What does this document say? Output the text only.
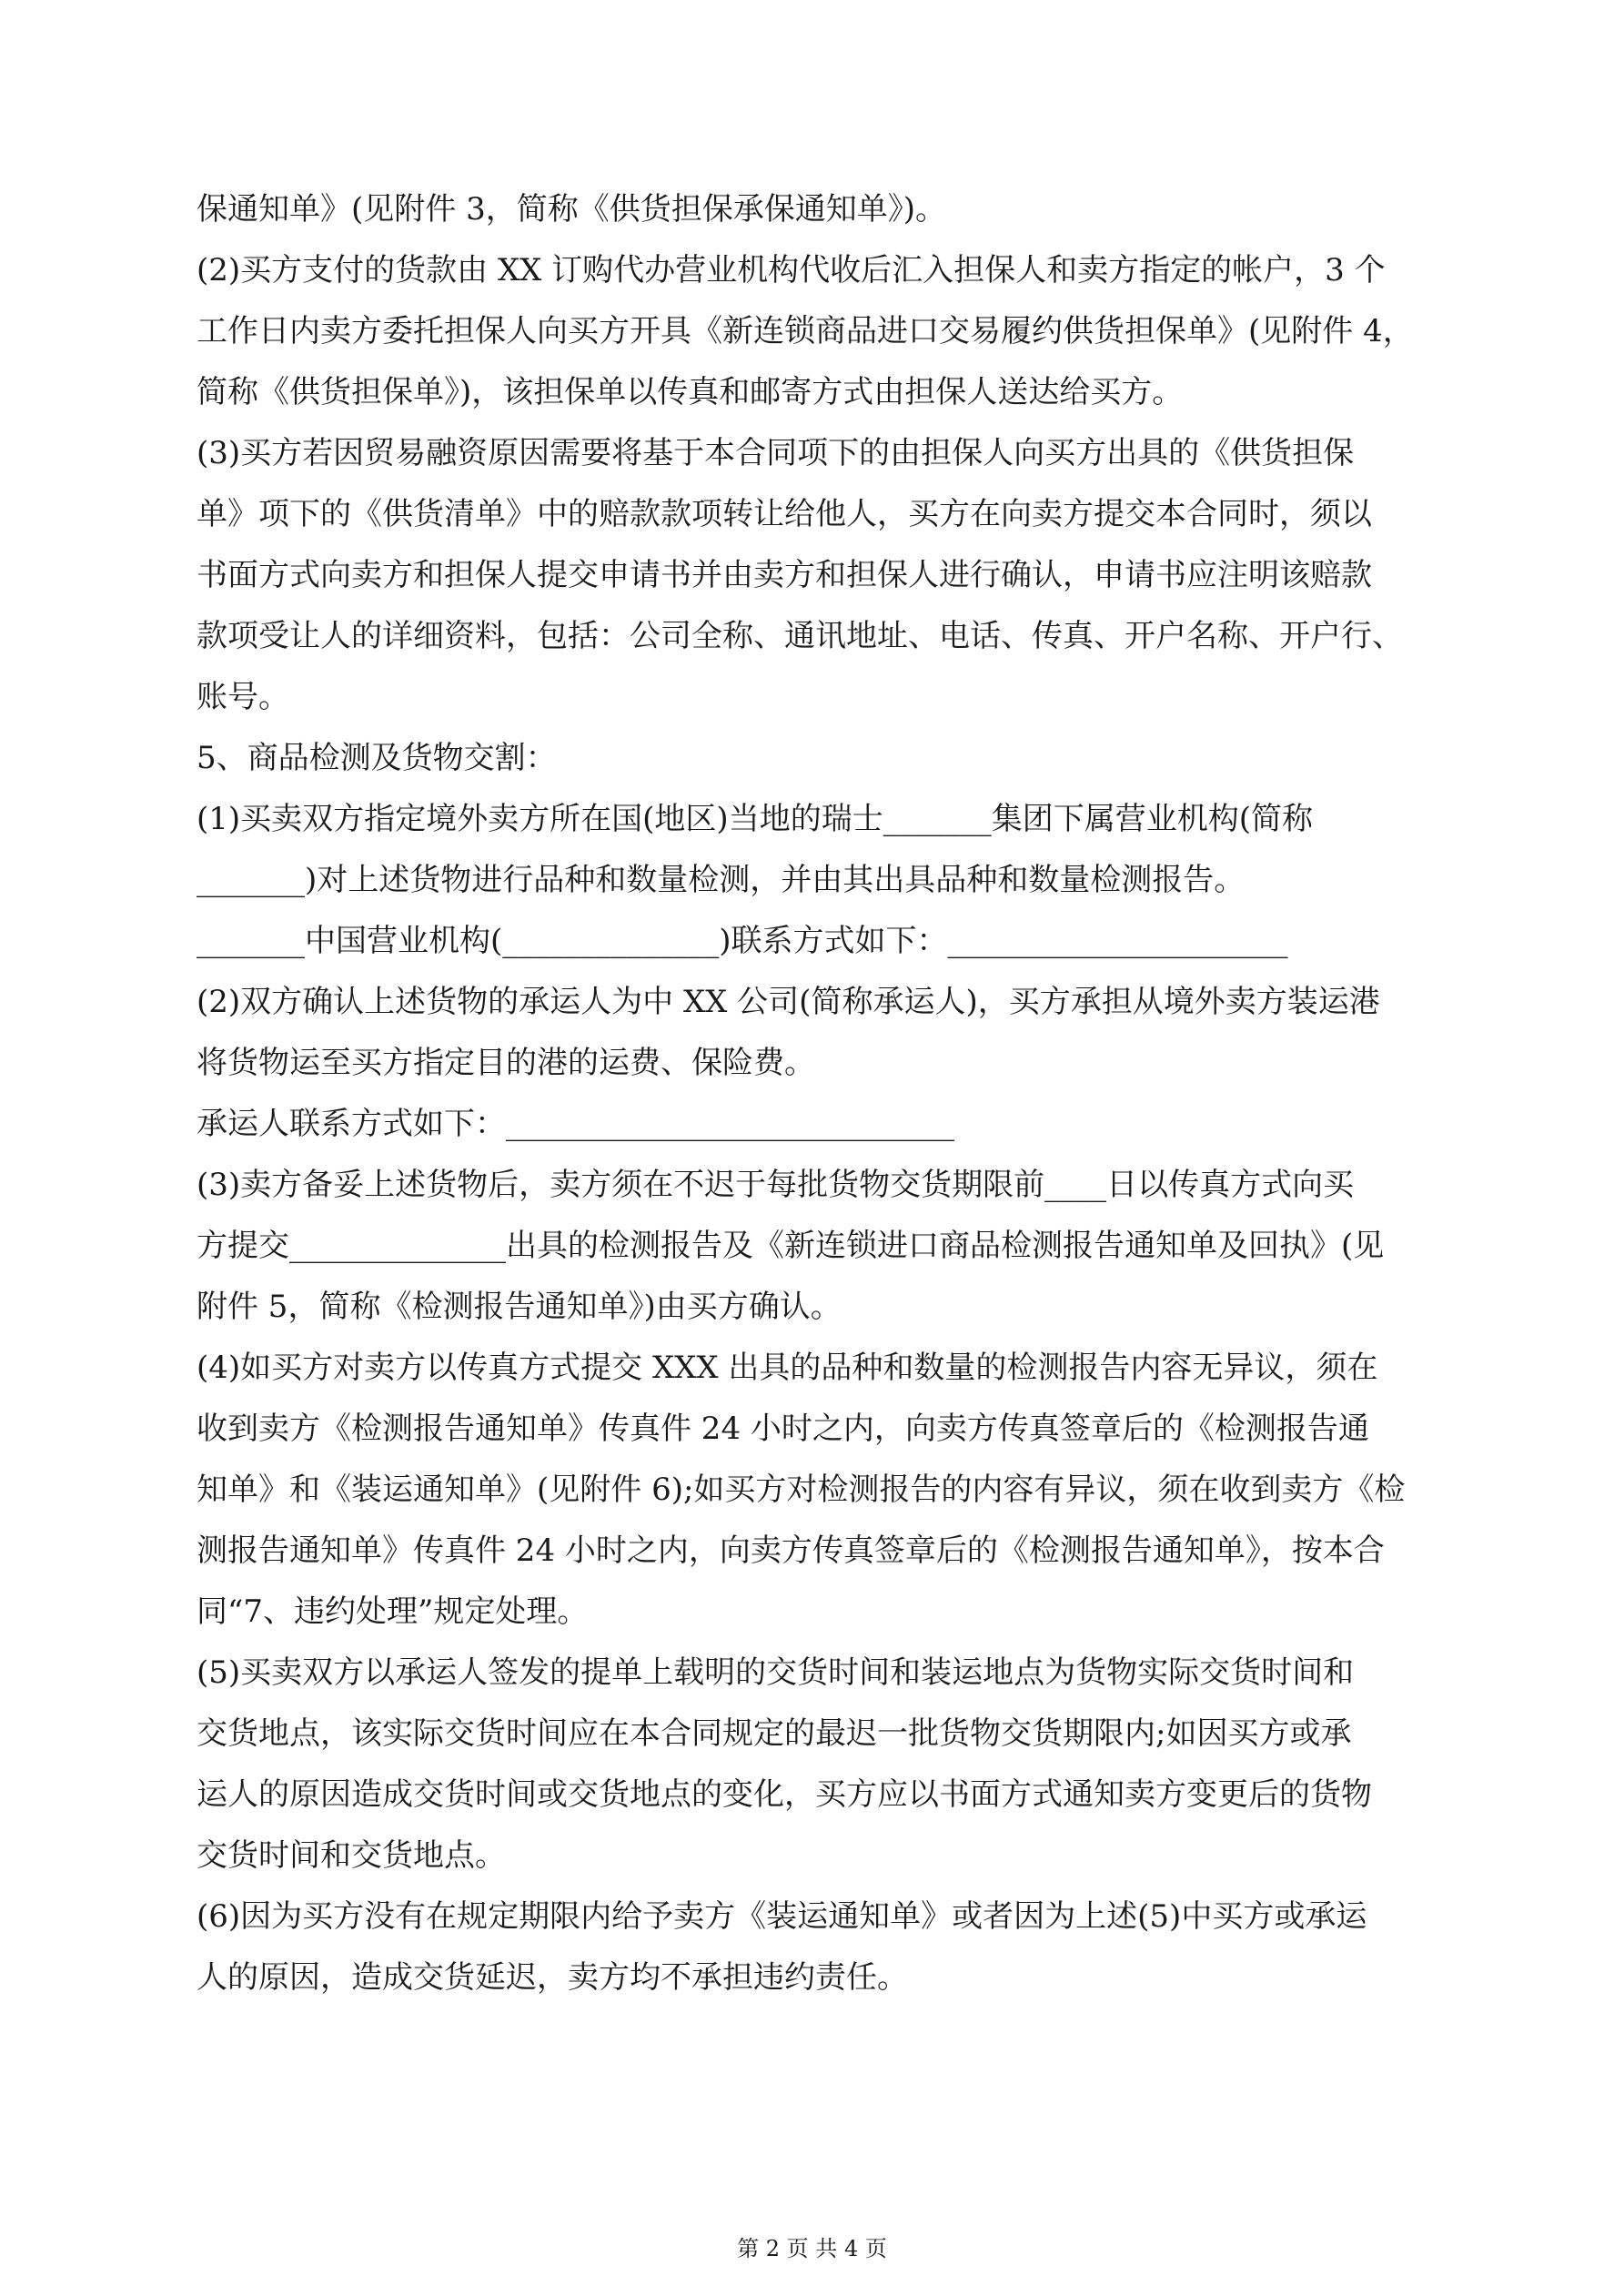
保通知单》(见附件 3，简称《供货担保承保通知单》)。
(2)买方支付的货款由 XX 订购代办营业机构代收后汇入担保人和卖方指定的帐户，3 个
工作日内卖方委托担保人向买方开具《新连锁商品进口交易履约供货担保单》(见附件 4，
简称《供货担保单》)，该担保单以传真和邮寄方式由担保人送达给买方。
(3)买方若因贸易融资原因需要将基于本合同项下的由担保人向买方出具的《供货担保
单》项下的《供货清单》中的赔款款项转让给他人，买方在向卖方提交本合同时，须以
书面方式向卖方和担保人提交申请书并由卖方和担保人进行确认，申请书应注明该赔款
款项受让人的详细资料，包括：公司全称、通讯地址、电话、传真、开户名称、开户行、
账号。
5、商品检测及货物交割：
(1)买卖双方指定境外卖方所在国(地区)当地的瑞士_______集团下属营业机构(简称
_______)对上述货物进行品种和数量检测，并由其出具品种和数量检测报告。
_______中国营业机构(______________)联系方式如下：______________________
(2)双方确认上述货物的承运人为中 XX 公司(简称承运人)，买方承担从境外卖方装运港
将货物运至买方指定目的港的运费、保险费。
承运人联系方式如下：_____________________________
(3)卖方备妥上述货物后，卖方须在不迟于每批货物交货期限前____日以传真方式向买
方提交______________出具的检测报告及《新连锁进口商品检测报告通知单及回执》(见
附件 5，简称《检测报告通知单》)由买方确认。
(4)如买方对卖方以传真方式提交 XXX 出具的品种和数量的检测报告内容无异议，须在
收到卖方《检测报告通知单》传真件 24 小时之内，向卖方传真签章后的《检测报告通
知单》和《装运通知单》(见附件 6);如买方对检测报告的内容有异议，须在收到卖方《检
测报告通知单》传真件 24 小时之内，向卖方传真签章后的《检测报告通知单》，按本合
同“7、违约处理”规定处理。
(5)买卖双方以承运人签发的提单上载明的交货时间和装运地点为货物实际交货时间和
交货地点，该实际交货时间应在本合同规定的最迟一批货物交货期限内;如因买方或承
运人的原因造成交货时间或交货地点的变化，买方应以书面方式通知卖方变更后的货物
交货时间和交货地点。
(6)因为买方没有在规定期限内给予卖方《装运通知单》或者因为上述(5)中买方或承运
人的原因，造成交货延迟，卖方均不承担违约责任。
第 2 页 共 4 页
